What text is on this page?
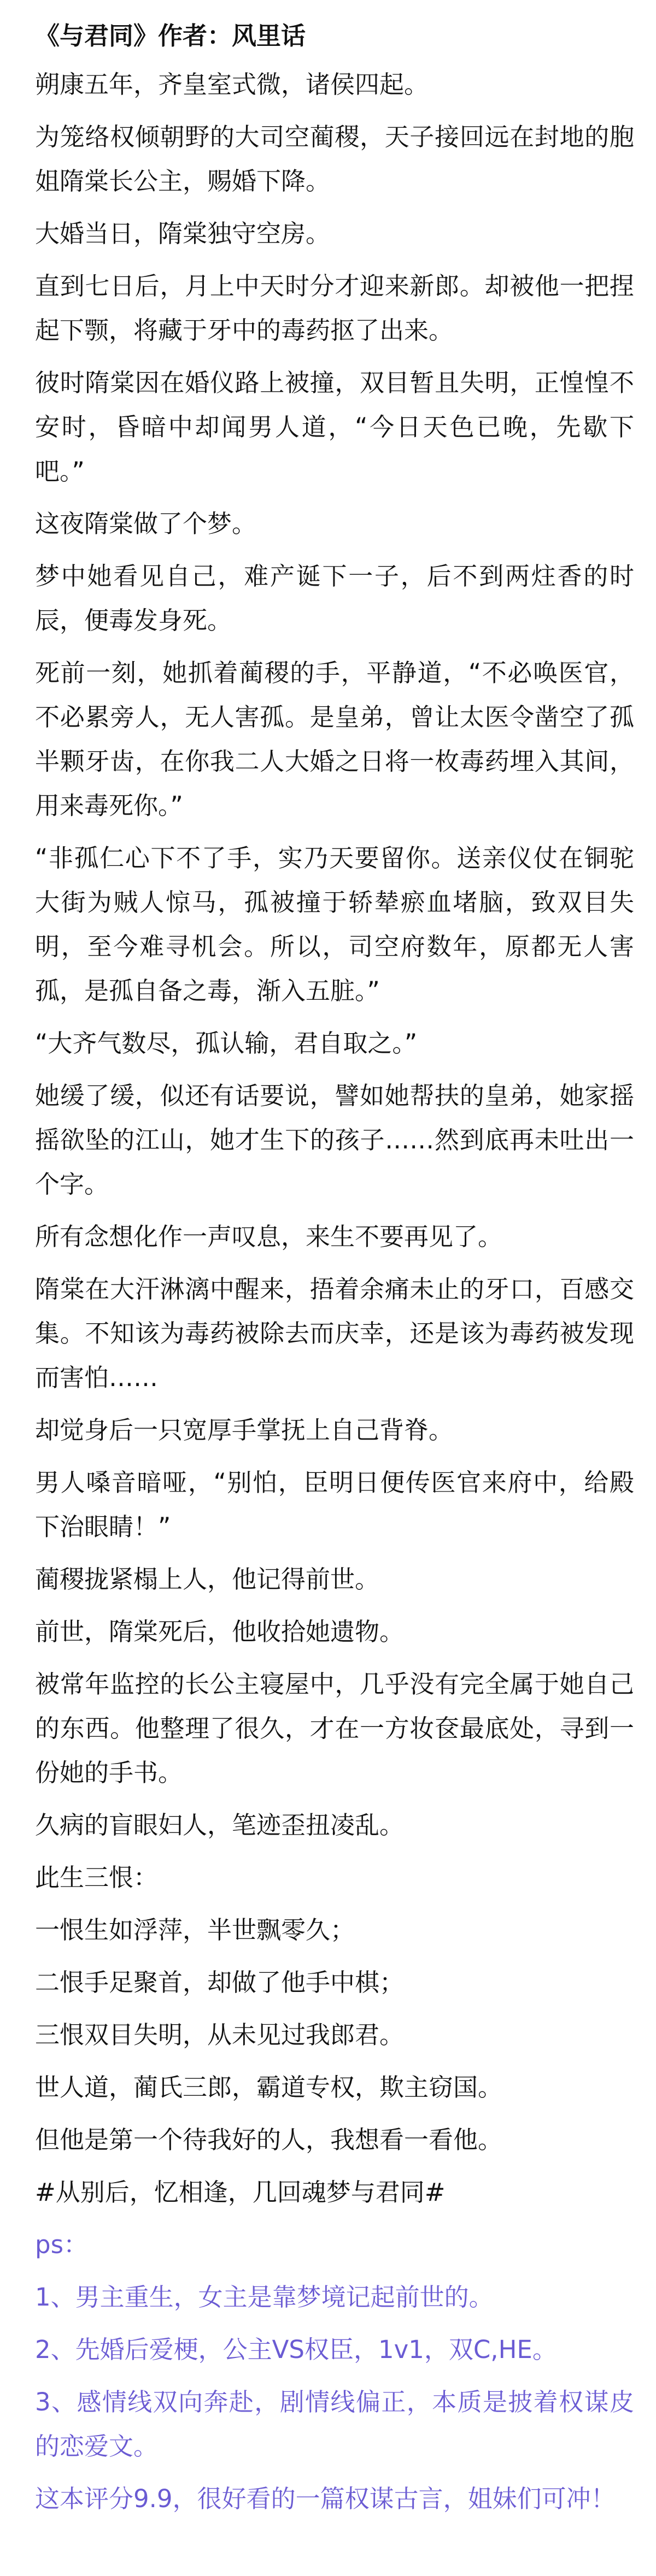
《与君同》作者：风里话

朔康五年，齐皇室式微，诸侯四起。

为笼络权倾朝野的大司空蔺稷，天子接回远在封地的胞姐隋棠长公主，赐婚下降。

大婚当日，隋棠独守空房。

直到七日后，月上中天时分才迎来新郎。却被他一把捏起下颚，将藏于牙中的毒药抠了出来。

彼时隋棠因在婚仪路上被撞，双目暂且失明，正惶惶不安时，昏暗中却闻男人道，“今日天色已晚，先歇下吧。”

这夜隋棠做了个梦。

梦中她看见自己，难产诞下一子，后不到两炷香的时辰，便毒发身死。

死前一刻，她抓着蔺稷的手，平静道，“不必唤医官，不必累旁人，无人害孤。是皇弟，曾让太医令凿空了孤半颗牙齿，在你我二人大婚之日将一枚毒药埋入其间，用来毒死你。”

“非孤仁心下不了手，实乃天要留你。送亲仪仗在铜驼大街为贼人惊马，孤被撞于轿辇瘀血堵脑，致双目失明，至今难寻机会。所以，司空府数年，原都无人害孤，是孤自备之毒，渐入五脏。”

“大齐气数尽，孤认输，君自取之。”

她缓了缓，似还有话要说，譬如她帮扶的皇弟，她家摇摇欲坠的江山，她才生下的孩子……然到底再未吐出一个字。

所有念想化作一声叹息，来生不要再见了。

隋棠在大汗淋漓中醒来，捂着余痛未止的牙口，百感交集。不知该为毒药被除去而庆幸，还是该为毒药被发现而害怕……

却觉身后一只宽厚手掌抚上自己背脊。

男人嗓音暗哑，“别怕，臣明日便传医官来府中，给殿下治眼睛！”

蔺稷拢紧榻上人，他记得前世。

前世，隋棠死后，他收拾她遗物。

被常年监控的长公主寝屋中，几乎没有完全属于她自己的东西。他整理了很久，才在一方妆奁最底处，寻到一份她的手书。

久病的盲眼妇人，笔迹歪扭凌乱。

此生三恨：

一恨生如浮萍，半世飘零久；

二恨手足聚首，却做了他手中棋；

三恨双目失明，从未见过我郎君。

世人道，蔺氏三郎，霸道专权，欺主窃国。

但他是第一个待我好的人，我想看一看他。

#从别后，忆相逢，几回魂梦与君同#

ps：

1、男主重生，女主是靠梦境记起前世的。

2、先婚后爱梗，公主VS权臣，1v1，双C,HE。

3、感情线双向奔赴，剧情线偏正，本质是披着权谋皮的恋爱文。

这本评分9.9，很好看的一篇权谋古言，姐妹们可冲！
